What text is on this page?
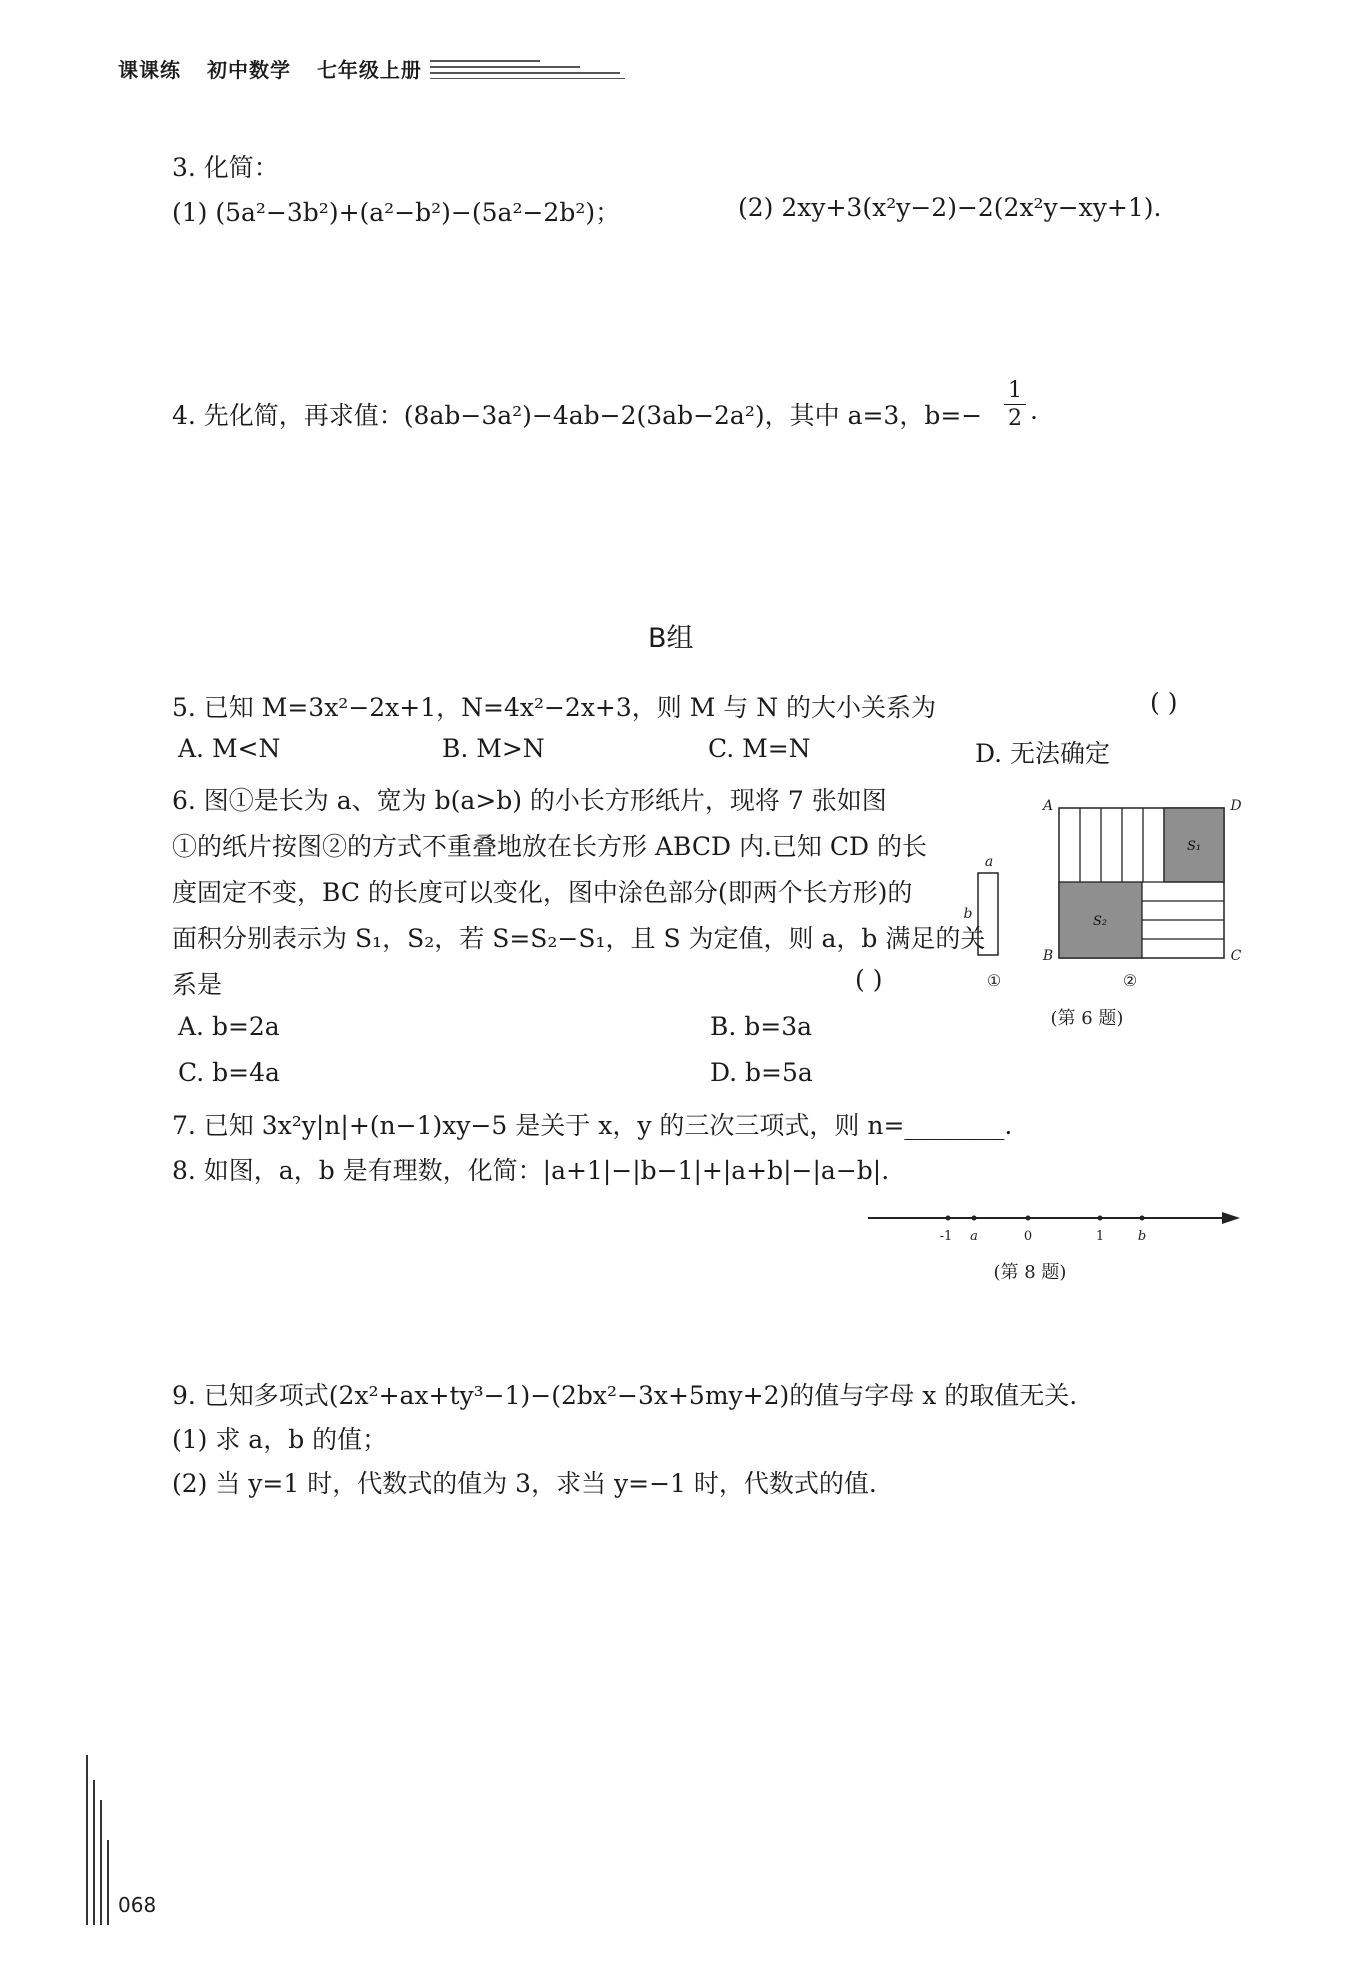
课课练 初中数学 七年级上册
3. 化简：
(1) (5a²−3b²)+(a²−b²)−(5a²−2b²)；	(2) 2xy+3(x²y−2)−2(2x²y−xy+1).
4. 先化简，再求值：(8ab−3a²)−4ab−2(3ab−2a²)，其中 a=3，$b=- \frac{1}{2}$ .
B组
5. 已知 M=3x²−2x+1，N=4x²−2x+3，则 M 与 N 的大小关系为	( )
A. M<N	B. M>N	C. M=N	D. 无法确定
6. 图①是长为 a、宽为 b(a>b) 的小长方形纸片，现将 7 张如图
①的纸片按图②的方式不重叠地放在长方形 ABCD 内.已知 CD 的长
度固定不变，BC 的长度可以变化，图中涂色部分(即两个长方形)的
面积分别表示为 S₁，S₂，若 S=S₂−S₁，且 S 为定值，则 a，b 满足的关
系是	( )
A. b=2a	B. b=3a
C. b=4a	D. b=5a
a
b
①
S₁
S₂
A	D
B	C
②
(第 6 题)
7. 已知 3x²y|n|+(n−1)xy−5 是关于 x，y 的三次三项式，则 n=________.
8. 如图，a，b 是有理数，化简：|a+1|−|b−1|+|a+b|−|a−b|.
-1 a	0	1	b
(第 8 题)
9. 已知多项式(2x²+ax+ty³−1)−(2bx²−3x+5my+2)的值与字母 x 的取值无关.
(1) 求 a，b 的值；
(2) 当 y=1 时，代数式的值为 3，求当 y=−1 时，代数式的值.
068
